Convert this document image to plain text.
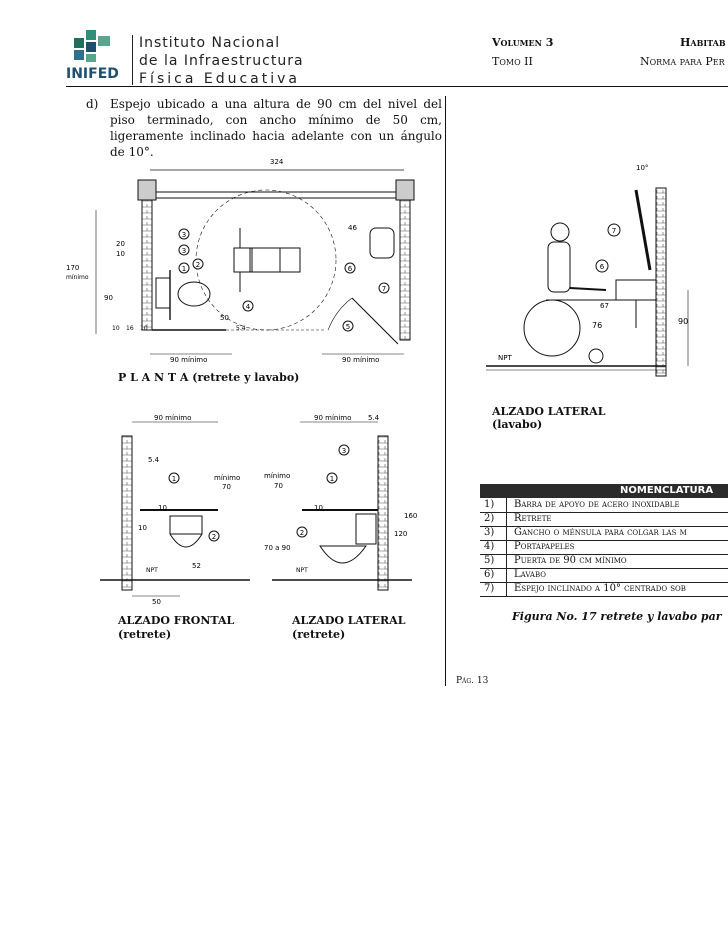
INIFED
Instituto Nacional
de la Infraestructura
Física Educativa
Volumen 3
Tomo II
Habitab
Norma para Per
d) Espejo ubicado a una altura de 90 cm del nivel del piso terminado, con ancho mínimo de 50 cm, ligeramente inclinado hacia adelante con un ángulo de 10°.
324
170
mínimo
20
10
90
10 16 10
50
5.4
46
90 mínimo	90 mínimo
3
3
1 2
4
6
7
5
P L A N T A (retrete y lavabo)
10°
76
67
90
NPT
7
6
ALZADO LATERAL
(lavabo)
90 mínimo
5.4
mínimo
70
10
10
52
NPT
50
1
2
ALZADO FRONTAL
(retrete)
90 mínimo 5.4
mínimo
70
10
160
120
70 a 90
NPT
3
1
2
ALZADO LATERAL
(retrete)
NOMENCLATURA
1) Barra de apoyo de acero inoxidable
2) Retrete
3) Gancho o ménsula para colgar las m
4) Portapapeles
5) Puerta de 90 cm mínimo
6) Lavabo
7) Espejo inclinado a 10° centrado sob
Figura No. 17 retrete y lavabo par
Pág. 13
